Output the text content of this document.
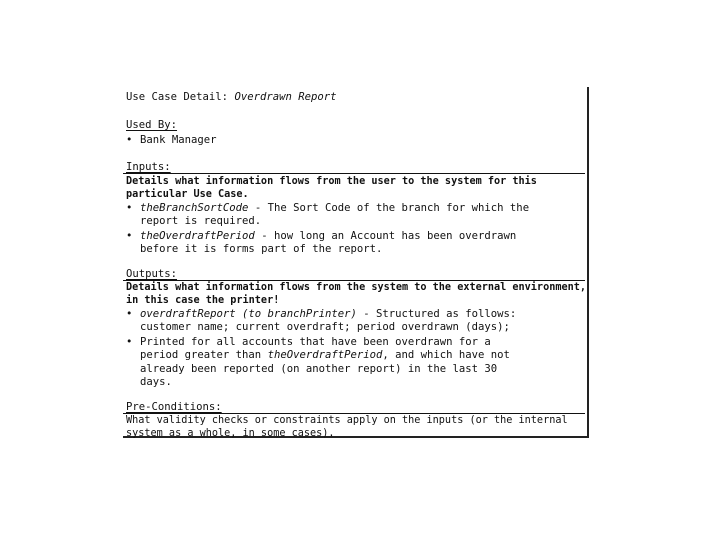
Use Case Detail: Overdrawn Report
Used By:
• Bank Manager
Inputs:
Details what information flows from the user to the system for this
particular Use Case.
• theBranchSortCode - The Sort Code of the branch for which the
report is required.
• theOverdraftPeriod - how long an Account has been overdrawn
before it is forms part of the report.
Outputs:
Details what information flows from the system to the external environment,
in this case the printer!
• overdraftReport (to branchPrinter) - Structured as follows:
customer name; current overdraft; period overdrawn (days);
• Printed for all accounts that have been overdrawn for a
period greater than theOverdraftPeriod, and which have not
already been reported (on another report) in the last 30
days.
Pre-Conditions:
What validity checks or constraints apply on the inputs (or the internal
system as a whole, in some cases).
